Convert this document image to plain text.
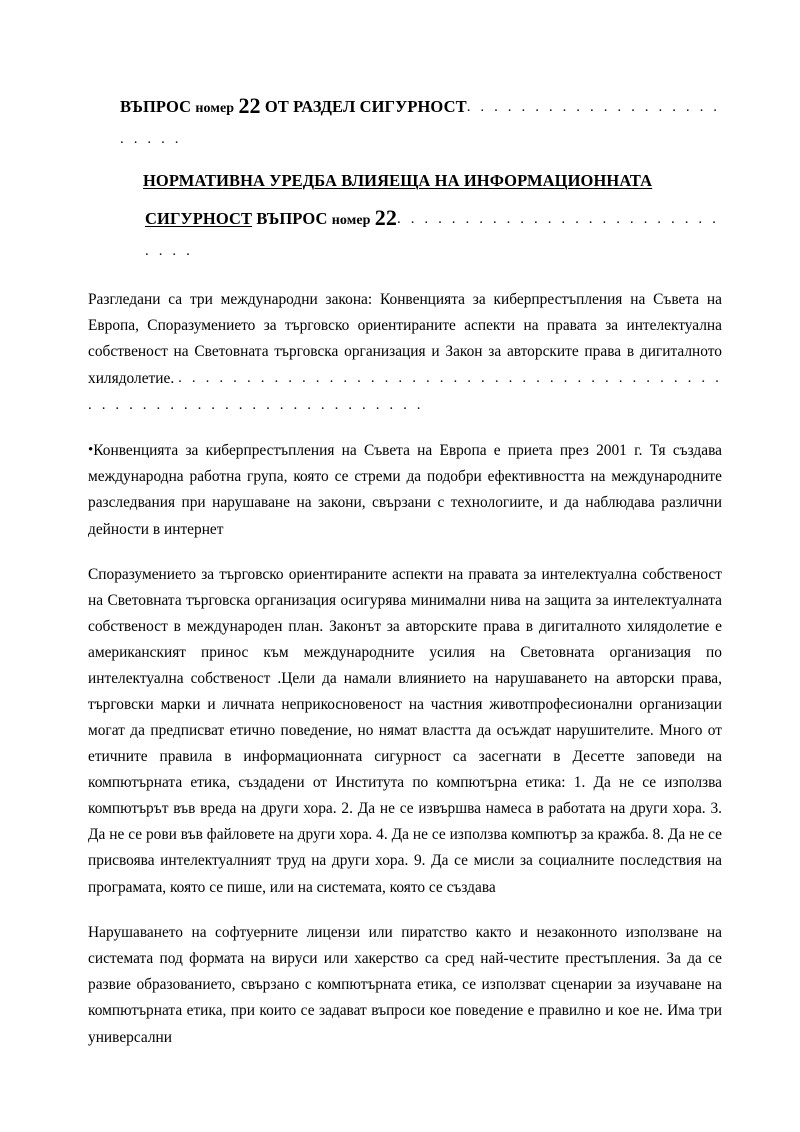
ВЪПРОС номер 22 ОТ РАЗДЕЛ СИГУРНОСТ. . . . . . . . . . . . . . . . . . . . . . . .
НОРМАТИВНА УРЕДБА ВЛИЯЕЩА НА ИНФОРМАЦИОННАТА
СИГУРНОСТ ВЪПРОС номер 22. . . . . . . . . . . . . . . . . . . . . . . . . . . .

Разгледани са три международни закона: Конвенцията за киберпрестъпления на Съвета на Европа, Споразумението за търговско ориентираните аспекти на правата за интелектуална собственост на Световната търговска организация и Закон за авторските права в дигиталното хилядолетие. . . . . . . . . . . . . . . . . . . . . . . . . . . . . . . . . . . . . . . . . . . . . . . . . . . . . . . . . . . . . . . . . .

•Конвенцията за киберпрестъпления на Съвета на Европа е приета през 2001 г. Тя създава международна работна група, която се стреми да подобри ефективността на международните разследвания при нарушаване на закони, свързани с технологиите, и да наблюдава различни дейности в интернет

Споразумението за търговско ориентираните аспекти на правата за интелектуална собственост на Световната търговска организация осигурява минимални нива на защита за интелектуалната собственост в международен план. Законът за авторските права в дигиталното хилядолетие е американският принос към международните усилия на Световната организация по интелектуална собственост .Цели да намали влиянието на нарушаването на авторски права, търговски марки и личната неприкосновеност на частния животпрофесионални организации могат да предписват етично поведение, но нямат властта да осъждат нарушителите. Много от етичните правила в информационната сигурност са засегнати в Десетте заповеди на компютърната етика, създадени от Институтa по компютърна етика: 1. Да не се използва компютърът във вреда на други хора. 2. Да не се извършва намеса в работата на други хора. 3. Да не се рови във файловете на други хора. 4. Да не се използва компютър за кражба. 8. Да не се присвоява интелектуалният труд на други хора. 9. Да се мисли за социалните последствия на програмата, която се пише, или на системата, която се създава

Нарушаването на софтуерните лицензи или пиратство както и незаконното използване на системата под формата на вируси или хакерство са сред най-честите престъпления. За да се развие образованието, свързано с компютърната етика, се използват сценарии за изучаване на компютърната етика, при които се задават въпроси кое поведение е правилно и кое не. Има три универсални
